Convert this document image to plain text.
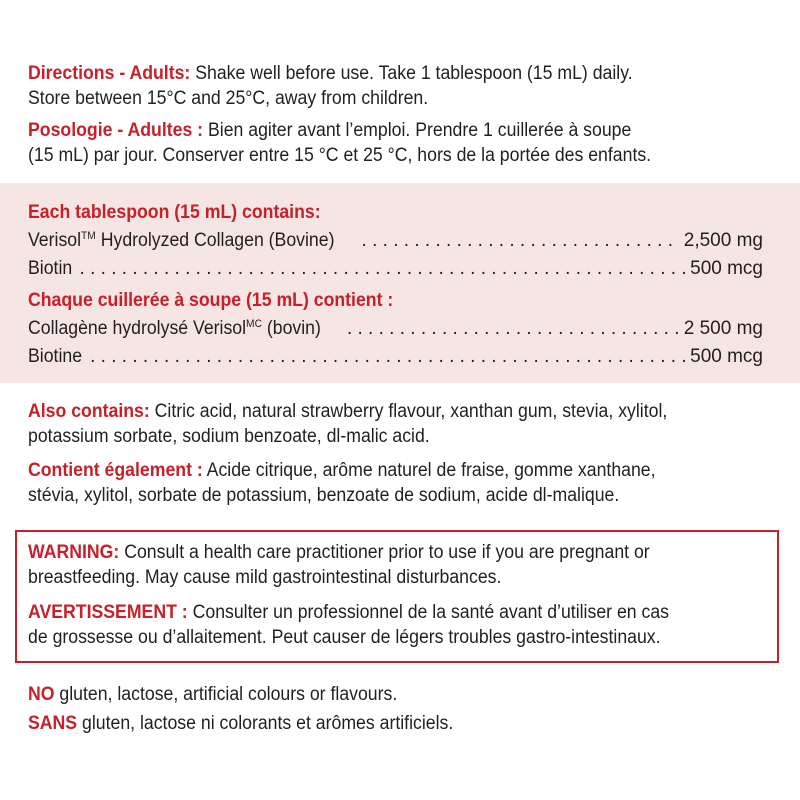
Directions - Adults: Shake well before use. Take 1 tablespoon (15 mL) daily.
Store between 15°C and 25°C, away from children.
Posologie - Adultes : Bien agiter avant l’emploi. Prendre 1 cuillerée à soupe
(15 mL) par jour. Conserver entre 15 °C et 25 °C, hors de la portée des enfants.
Each tablespoon (15 mL) contains:
Verisol™ Hydrolyzed Collagen (Bovine) . . .	2,500 mg
Biotin . . .	500 mcg
Chaque cuillerée à soupe (15 mL) contient :
Collagène hydrolysé Verisol$^{MC}$ (bovin) . . .	2 500 mg
Biotine . . .	500 mcg
Also contains: Citric acid, natural strawberry flavour, xanthan gum, stevia, xylitol,
potassium sorbate, sodium benzoate, dl-malic acid.
Contient également : Acide citrique, arôme naturel de fraise, gomme xanthane,
stévia, xylitol, sorbate de potassium, benzoate de sodium, acide dl-malique.
WARNING: Consult a health care practitioner prior to use if you are pregnant or
breastfeeding. May cause mild gastrointestinal disturbances.
AVERTISSEMENT : Consulter un professionnel de la santé avant d’utiliser en cas
de grossesse ou d’allaitement. Peut causer de légers troubles gastro-intestinaux.
NO gluten, lactose, artificial colours or flavours.
SANS gluten, lactose ni colorants et arômes artificiels.
